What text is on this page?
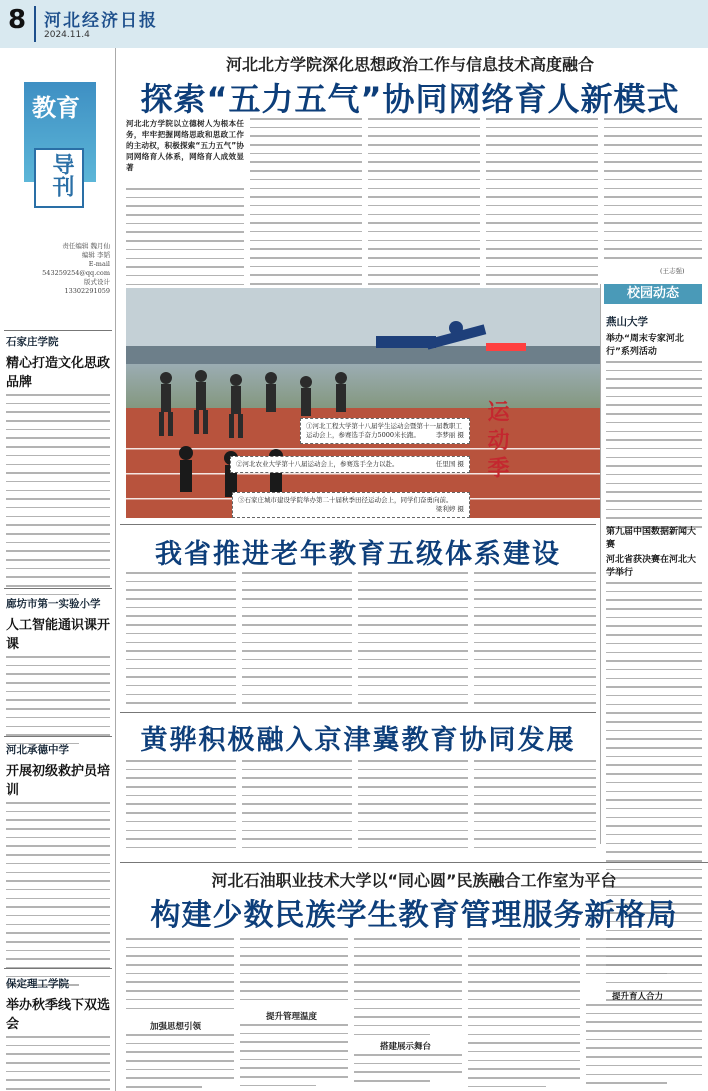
8 河北经济日报
2024.11.4
教育
导刊
责任编辑 魏月仙
编辑 李韬
E-mail 543259254@qq.com
版式设计 13302291059
石家庄学院
精心打造文化思政品牌
廊坊市第一实验小学
人工智能通识课开课
河北承德中学
开展初级救护员培训
保定理工学院
举办秋季线下双选会
河北北方学院深化思想政治工作与信息技术高度融合
探索“五力五气”协同网络育人新模式
河北北方学院以立德树人为根本任务，牢牢把握网络思政和思政工作的主动权，积极探索“五力五气”协同网络育人体系，网络育人成效显著
(王志强)
运动季
①河北工程大学第十八届学生运动会暨第十一届教职工运动会上，参赛选手奋力5000米长跑。 李梦丽 摄
②河北农业大学第十八届运动会上，参赛选手全力以赴。	任里国 摄
③石家庄城市建设学院举办第二十届秋季田径运动会上，同学们奋勇向前。
梁利婷 摄
校园动态
燕山大学
举办“周末专家河北行”系列活动
第九届中国数据新闻大赛
河北省获决赛在河北大学举行
我省推进老年教育五级体系建设
黄骅积极融入京津冀教育协同发展
河北石油职业技术大学以“同心圆”民族融合工作室为平台
构建少数民族学生教育管理服务新格局
加强思想引领
提升管理温度
搭建展示舞台
提升育人合力
